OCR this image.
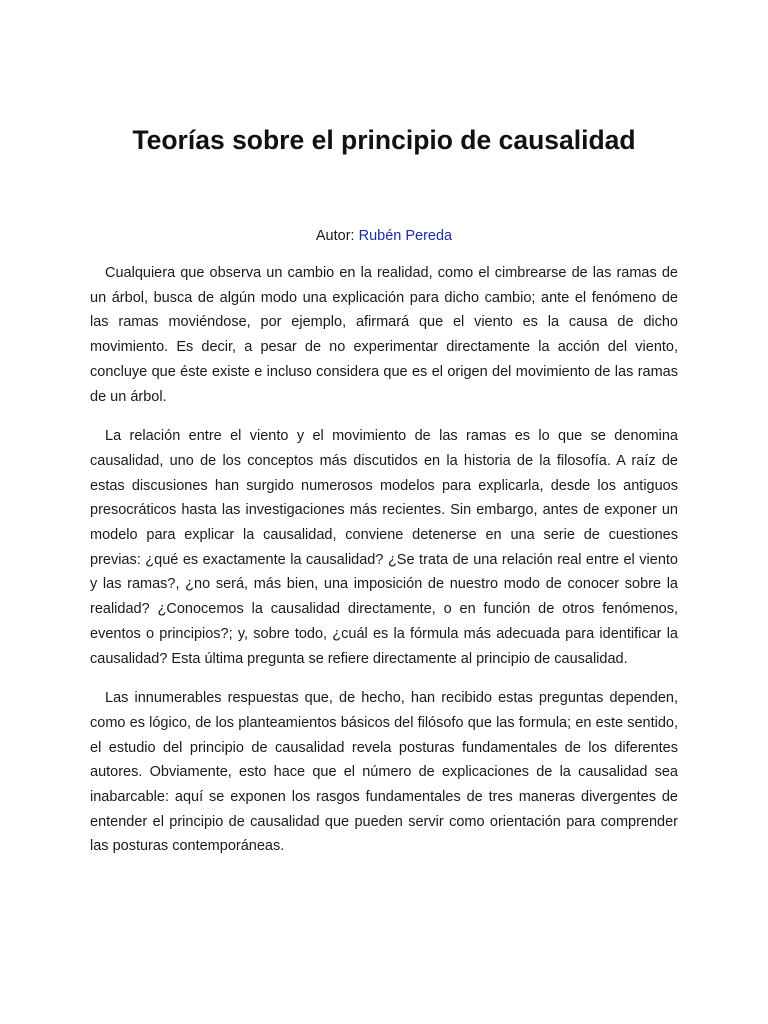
Teorías sobre el principio de causalidad
Autor: Rubén Pereda

Cualquiera que observa un cambio en la realidad, como el cimbrearse de las ramas de un árbol, busca de algún modo una explicación para dicho cambio; ante el fenómeno de las ramas moviéndose, por ejemplo, afirmará que el viento es la causa de dicho movimiento. Es decir, a pesar de no experimentar directamente la acción del viento, concluye que éste existe e incluso considera que es el origen del movimiento de las ramas de un árbol.

La relación entre el viento y el movimiento de las ramas es lo que se denomina causalidad, uno de los conceptos más discutidos en la historia de la filosofía. A raíz de estas discusiones han surgido numerosos modelos para explicarla, desde los antiguos presocráticos hasta las investigaciones más recientes. Sin embargo, antes de exponer un modelo para explicar la causalidad, conviene detenerse en una serie de cuestiones previas: ¿qué es exactamente la causalidad? ¿Se trata de una relación real entre el viento y las ramas?, ¿no será, más bien, una imposición de nuestro modo de conocer sobre la realidad? ¿Conocemos la causalidad directamente, o en función de otros fenómenos, eventos o principios?; y, sobre todo, ¿cuál es la fórmula más adecuada para identificar la causalidad? Esta última pregunta se refiere directamente al principio de causalidad.

Las innumerables respuestas que, de hecho, han recibido estas preguntas dependen, como es lógico, de los planteamientos básicos del filósofo que las formula; en este sentido, el estudio del principio de causalidad revela posturas fundamentales de los diferentes autores. Obviamente, esto hace que el número de explicaciones de la causalidad sea inabarcable: aquí se exponen los rasgos fundamentales de tres maneras divergentes de entender el principio de causalidad que pueden servir como orientación para comprender las posturas contemporáneas.
